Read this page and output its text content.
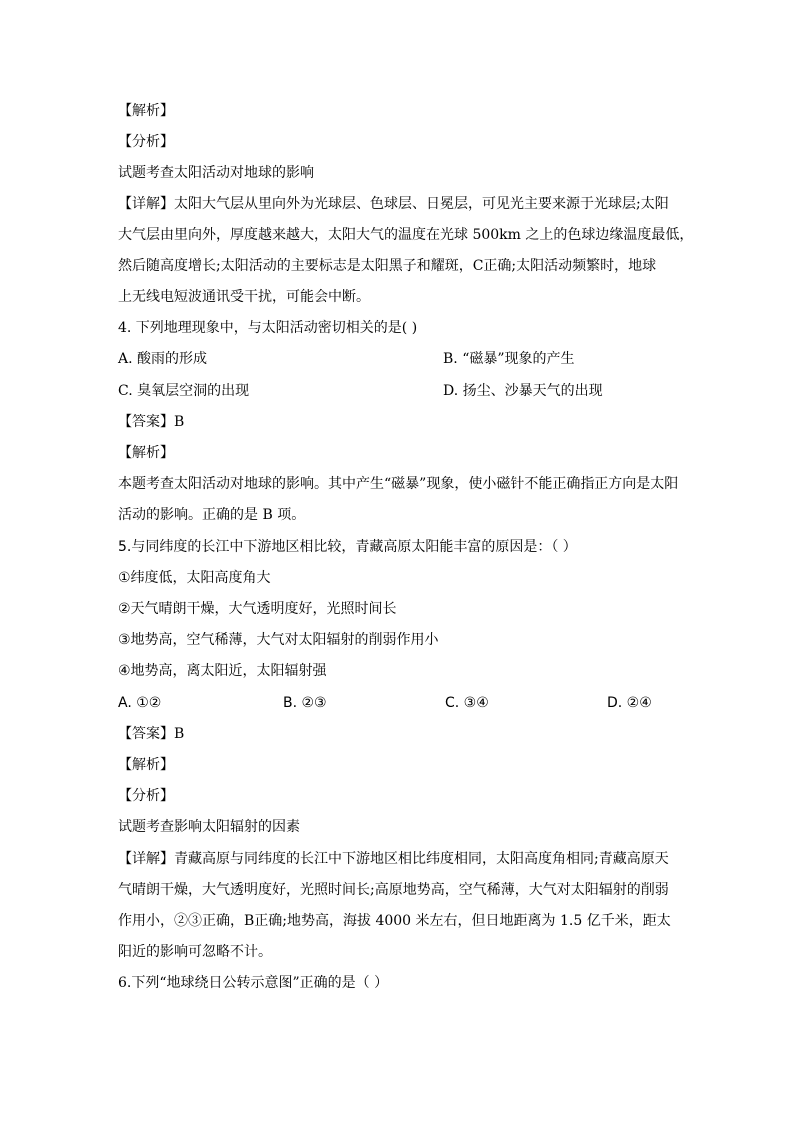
【解析】
【分析】
试题考查太阳活动对地球的影响
【详解】太阳大气层从里向外为光球层、色球层、日冕层，可见光主要来源于光球层;太阳
大气层由里向外，厚度越来越大，太阳大气的温度在光球 500km 之上的色球边缘温度最低，
然后随高度增长;太阳活动的主要标志是太阳黑子和耀斑，C正确;太阳活动频繁时，地球
上无线电短波通讯受干扰，可能会中断。
4. 下列地理现象中，与太阳活动密切相关的是( )
A. 酸雨的形成	B. “磁暴”现象的产生
C. 臭氧层空洞的出现	D. 扬尘、沙暴天气的出现
【答案】B
【解析】
本题考查太阳活动对地球的影响。其中产生“磁暴”现象，使小磁针不能正确指正方向是太阳
活动的影响。正确的是 B 项。
5.与同纬度的长江中下游地区相比较，青藏高原太阳能丰富的原因是：（ ）
①纬度低，太阳高度角大
②天气晴朗干燥，大气透明度好，光照时间长
③地势高，空气稀薄，大气对太阳辐射的削弱作用小
④地势高，离太阳近，太阳辐射强
A. ①②	B. ②③	C. ③④	D. ②④
【答案】B
【解析】
【分析】
试题考查影响太阳辐射的因素
【详解】青藏高原与同纬度的长江中下游地区相比纬度相同，太阳高度角相同;青藏高原天
气晴朗干燥，大气透明度好，光照时间长;高原地势高，空气稀薄，大气对太阳辐射的削弱
作用小，②③正确，B正确;地势高，海拔 4000 米左右，但日地距离为 1.5 亿千米，距太
阳近的影响可忽略不计。
6.下列“地球绕日公转示意图”正确的是（ ）
